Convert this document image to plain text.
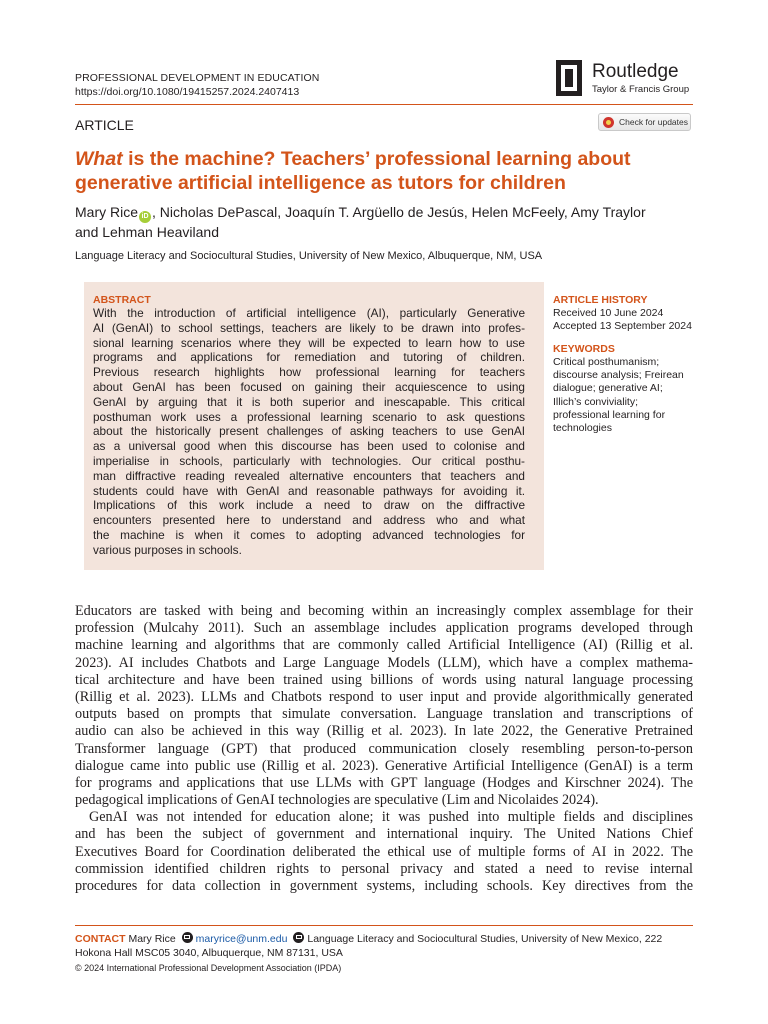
PROFESSIONAL DEVELOPMENT IN EDUCATION
https://doi.org/10.1080/19415257.2024.2407413
Routledge
Taylor & Francis Group
ARTICLE	Check for updates
What is the machine? Teachers’ professional learning about
generative artificial intelligence as tutors for children
Mary Rice iD , Nicholas DePascal, Joaquín T. Argüello de Jesús, Helen McFeely, Amy Traylor
and Lehman Heaviland
Language Literacy and Sociocultural Studies, University of New Mexico, Albuquerque, NM, USA
ABSTRACT
With the introduction of artificial intelligence (AI), particularly Generative
AI (GenAI) to school settings, teachers are likely to be drawn into profes-
sional learning scenarios where they will be expected to learn how to use
programs and applications for remediation and tutoring of children.
Previous research highlights how professional learning for teachers
about GenAI has been focused on gaining their acquiescence to using
GenAI by arguing that it is both superior and inescapable. This critical
posthuman work uses a professional learning scenario to ask questions
about the historically present challenges of asking teachers to use GenAI
as a universal good when this discourse has been used to colonise and
imperialise in schools, particularly with technologies. Our critical posthu-
man diffractive reading revealed alternative encounters that teachers and
students could have with GenAI and reasonable pathways for avoiding it.
Implications of this work include a need to draw on the diffractive
encounters presented here to understand and address who and what
the machine is when it comes to adopting advanced technologies for
various purposes in schools.
ARTICLE HISTORY
Received 10 June 2024
Accepted 13 September 2024
KEYWORDS
Critical posthumanism;
discourse analysis; Freirean
dialogue; generative AI;
Illich’s conviviality;
professional learning for
technologies
Educators are tasked with being and becoming within an increasingly complex assemblage for their
profession (Mulcahy 2011). Such an assemblage includes application programs developed through
machine learning and algorithms that are commonly called Artificial Intelligence (AI) (Rillig et al.
2023). AI includes Chatbots and Large Language Models (LLM), which have a complex mathema-
tical architecture and have been trained using billions of words using natural language processing
(Rillig et al. 2023). LLMs and Chatbots respond to user input and provide algorithmically generated
outputs based on prompts that simulate conversation. Language translation and transcriptions of
audio can also be achieved in this way (Rillig et al. 2023). In late 2022, the Generative Pretrained
Transformer language (GPT) that produced communication closely resembling person-to-person
dialogue came into public use (Rillig et al. 2023). Generative Artificial Intelligence (GenAI) is a term
for programs and applications that use LLMs with GPT language (Hodges and Kirschner 2024). The
pedagogical implications of GenAI technologies are speculative (Lim and Nicolaides 2024).
GenAI was not intended for education alone; it was pushed into multiple fields and disciplines
and has been the subject of government and international inquiry. The United Nations Chief
Executives Board for Coordination deliberated the ethical use of multiple forms of AI in 2022. The
commission identified children rights to personal privacy and stated a need to revise internal
procedures for data collection in government systems, including schools. Key directives from the
CONTACT Mary Rice maryrice@unm.edu Language Literacy and Sociocultural Studies, University of New Mexico, 222
Hokona Hall MSC05 3040, Albuquerque, NM 87131, USA
© 2024 International Professional Development Association (IPDA)
